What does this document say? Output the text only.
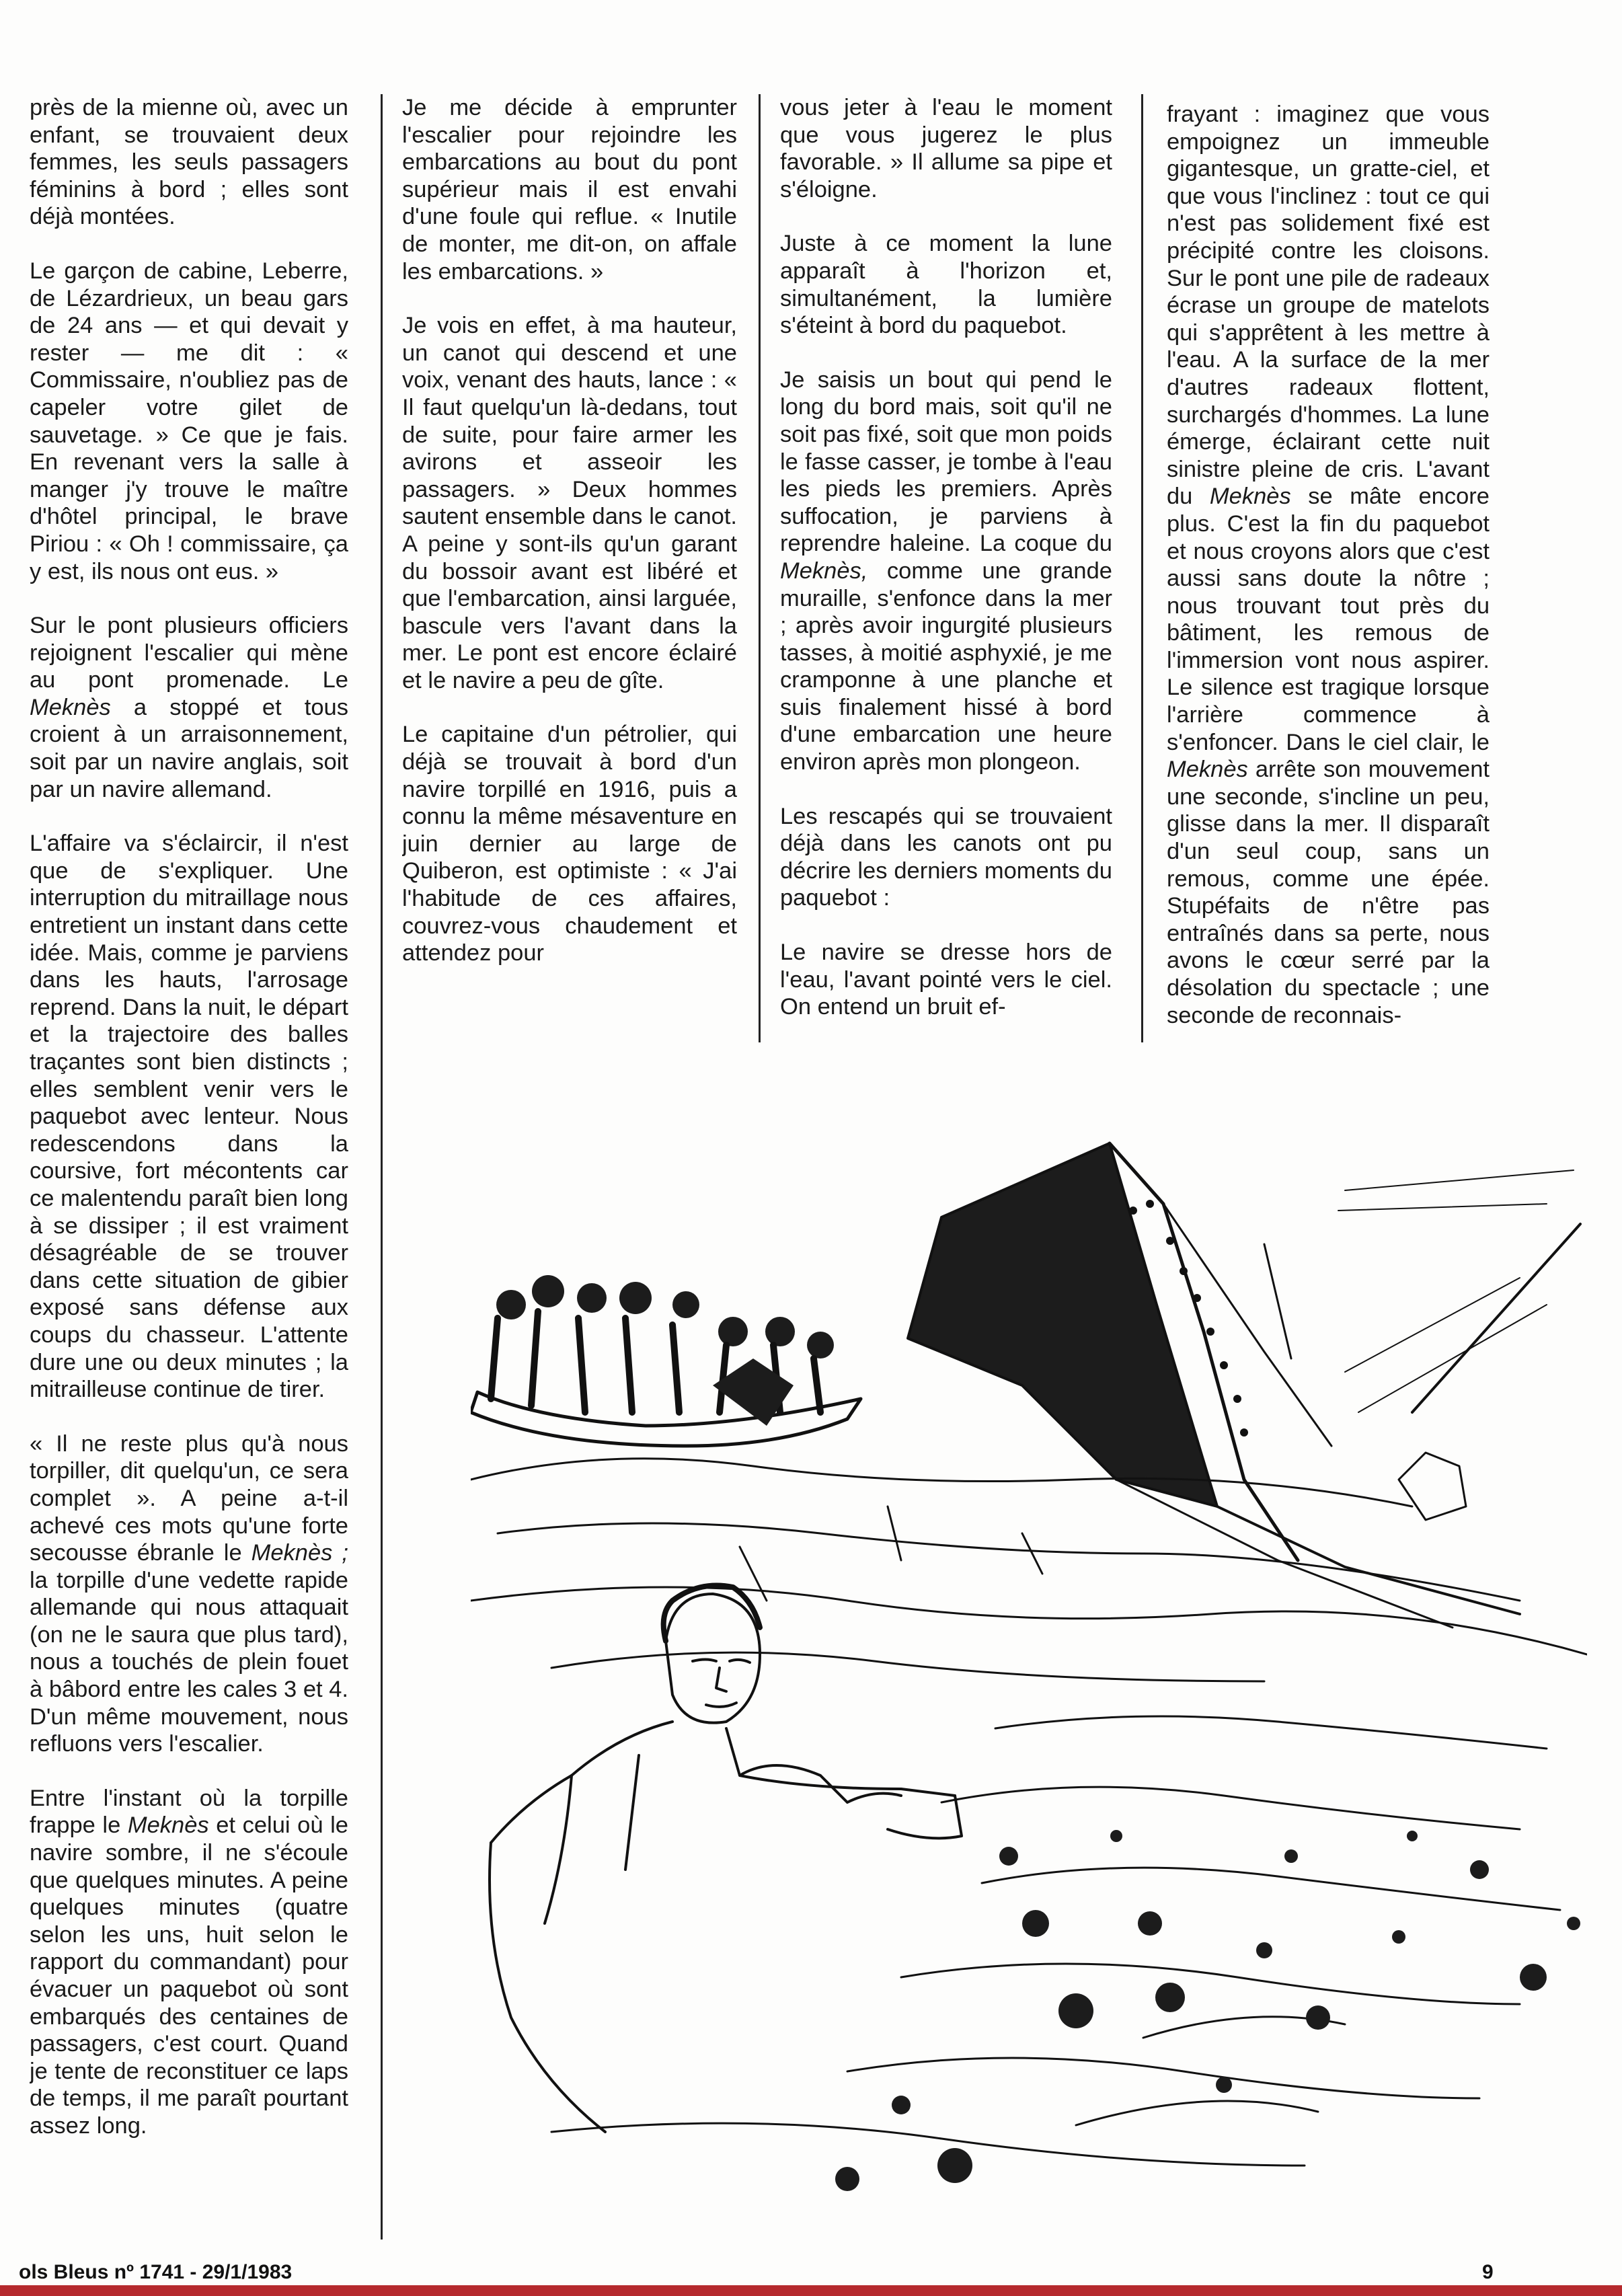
près de la mienne où, avec un enfant, se trouvaient deux femmes, les seuls passagers féminins à bord ; elles sont déjà montées.

Le garçon de cabine, Leberre, de Lézardrieux, un beau gars de 24 ans — et qui devait y rester — me dit : « Commissaire, n'oubliez pas de capeler votre gilet de sauvetage. » Ce que je fais. En revenant vers la salle à manger j'y trouve le maître d'hôtel principal, le brave Piriou : « Oh ! commissaire, ça y est, ils nous ont eus. »

Sur le pont plusieurs officiers rejoignent l'escalier qui mène au pont promenade. Le Meknès a stoppé et tous croient à un arraisonnement, soit par un navire anglais, soit par un navire allemand.

L'affaire va s'éclaircir, il n'est que de s'expliquer. Une interruption du mitraillage nous entretient un instant dans cette idée. Mais, comme je parviens dans les hauts, l'arrosage reprend. Dans la nuit, le départ et la trajectoire des balles traçantes sont bien distincts ; elles semblent venir vers le paquebot avec lenteur. Nous redescendons dans la coursive, fort mécontents car ce malentendu paraît bien long à se dissiper ; il est vraiment désagréable de se trouver dans cette situation de gibier exposé sans défense aux coups du chasseur. L'attente dure une ou deux minutes ; la mitrailleuse continue de tirer.

« Il ne reste plus qu'à nous torpiller, dit quelqu'un, ce sera complet ». A peine a-t-il achevé ces mots qu'une forte secousse ébranle le Meknès ; la torpille d'une vedette rapide allemande qui nous attaquait (on ne le saura que plus tard), nous a touchés de plein fouet à bâbord entre les cales 3 et 4. D'un même mouvement, nous refluons vers l'escalier.

Entre l'instant où la torpille frappe le Meknès et celui où le navire sombre, il ne s'écoule que quelques minutes. A peine quelques minutes (quatre selon les uns, huit selon le rapport du commandant) pour évacuer un paquebot où sont embarqués des centaines de passagers, c'est court. Quand je tente de reconstituer ce laps de temps, il me paraît pourtant assez long.

Je me décide à emprunter l'escalier pour rejoindre les embarcations au bout du pont supérieur mais il est envahi d'une foule qui reflue. « Inutile de monter, me dit-on, on affale les embarcations. »

Je vois en effet, à ma hauteur, un canot qui descend et une voix, venant des hauts, lance : « Il faut quelqu'un là-dedans, tout de suite, pour faire armer les avirons et asseoir les passagers. » Deux hommes sautent ensemble dans le canot. A peine y sont-ils qu'un garant du bossoir avant est libéré et que l'embarcation, ainsi larguée, bascule vers l'avant dans la mer. Le pont est encore éclairé et le navire a peu de gîte.

Le capitaine d'un pétrolier, qui déjà se trouvait à bord d'un navire torpillé en 1916, puis a connu la même mésaventure en juin dernier au large de Quiberon, est optimiste : « J'ai l'habitude de ces affaires, couvrez-vous chaudement et attendez pour

vous jeter à l'eau le moment que vous jugerez le plus favorable. » Il allume sa pipe et s'éloigne.

Juste à ce moment la lune apparaît à l'horizon et, simultanément, la lumière s'éteint à bord du paquebot.

Je saisis un bout qui pend le long du bord mais, soit qu'il ne soit pas fixé, soit que mon poids le fasse casser, je tombe à l'eau les pieds les premiers. Après suffocation, je parviens à reprendre haleine. La coque du Meknès, comme une grande muraille, s'enfonce dans la mer ; après avoir ingurgité plusieurs tasses, à moitié asphyxié, je me cramponne à une planche et suis finalement hissé à bord d'une embarcation une heure environ après mon plongeon.

Les rescapés qui se trouvaient déjà dans les canots ont pu décrire les derniers moments du paquebot :

Le navire se dresse hors de l'eau, l'avant pointé vers le ciel. On entend un bruit ef-

frayant : imaginez que vous empoignez un immeuble gigantesque, un gratte-ciel, et que vous l'inclinez : tout ce qui n'est pas solidement fixé est précipité contre les cloisons. Sur le pont une pile de radeaux écrase un groupe de matelots qui s'apprêtent à les mettre à l'eau. A la surface de la mer d'autres radeaux flottent, surchargés d'hommes. La lune émerge, éclairant cette nuit sinistre pleine de cris. L'avant du Meknès se mâte encore plus. C'est la fin du paquebot et nous croyons alors que c'est aussi sans doute la nôtre ; nous trouvant tout près du bâtiment, les remous de l'immersion vont nous aspirer. Le silence est tragique lorsque l'arrière commence à s'enfoncer. Dans le ciel clair, le Meknès arrête son mouvement une seconde, s'incline un peu, glisse dans la mer. Il disparaît d'un seul coup, sans un remous, comme une épée. Stupéfaits de n'être pas entraînés dans sa perte, nous avons le cœur serré par la désolation du spectacle ; une seconde de reconnais-

ols Bleus nº 1741 - 29/1/1983	9
